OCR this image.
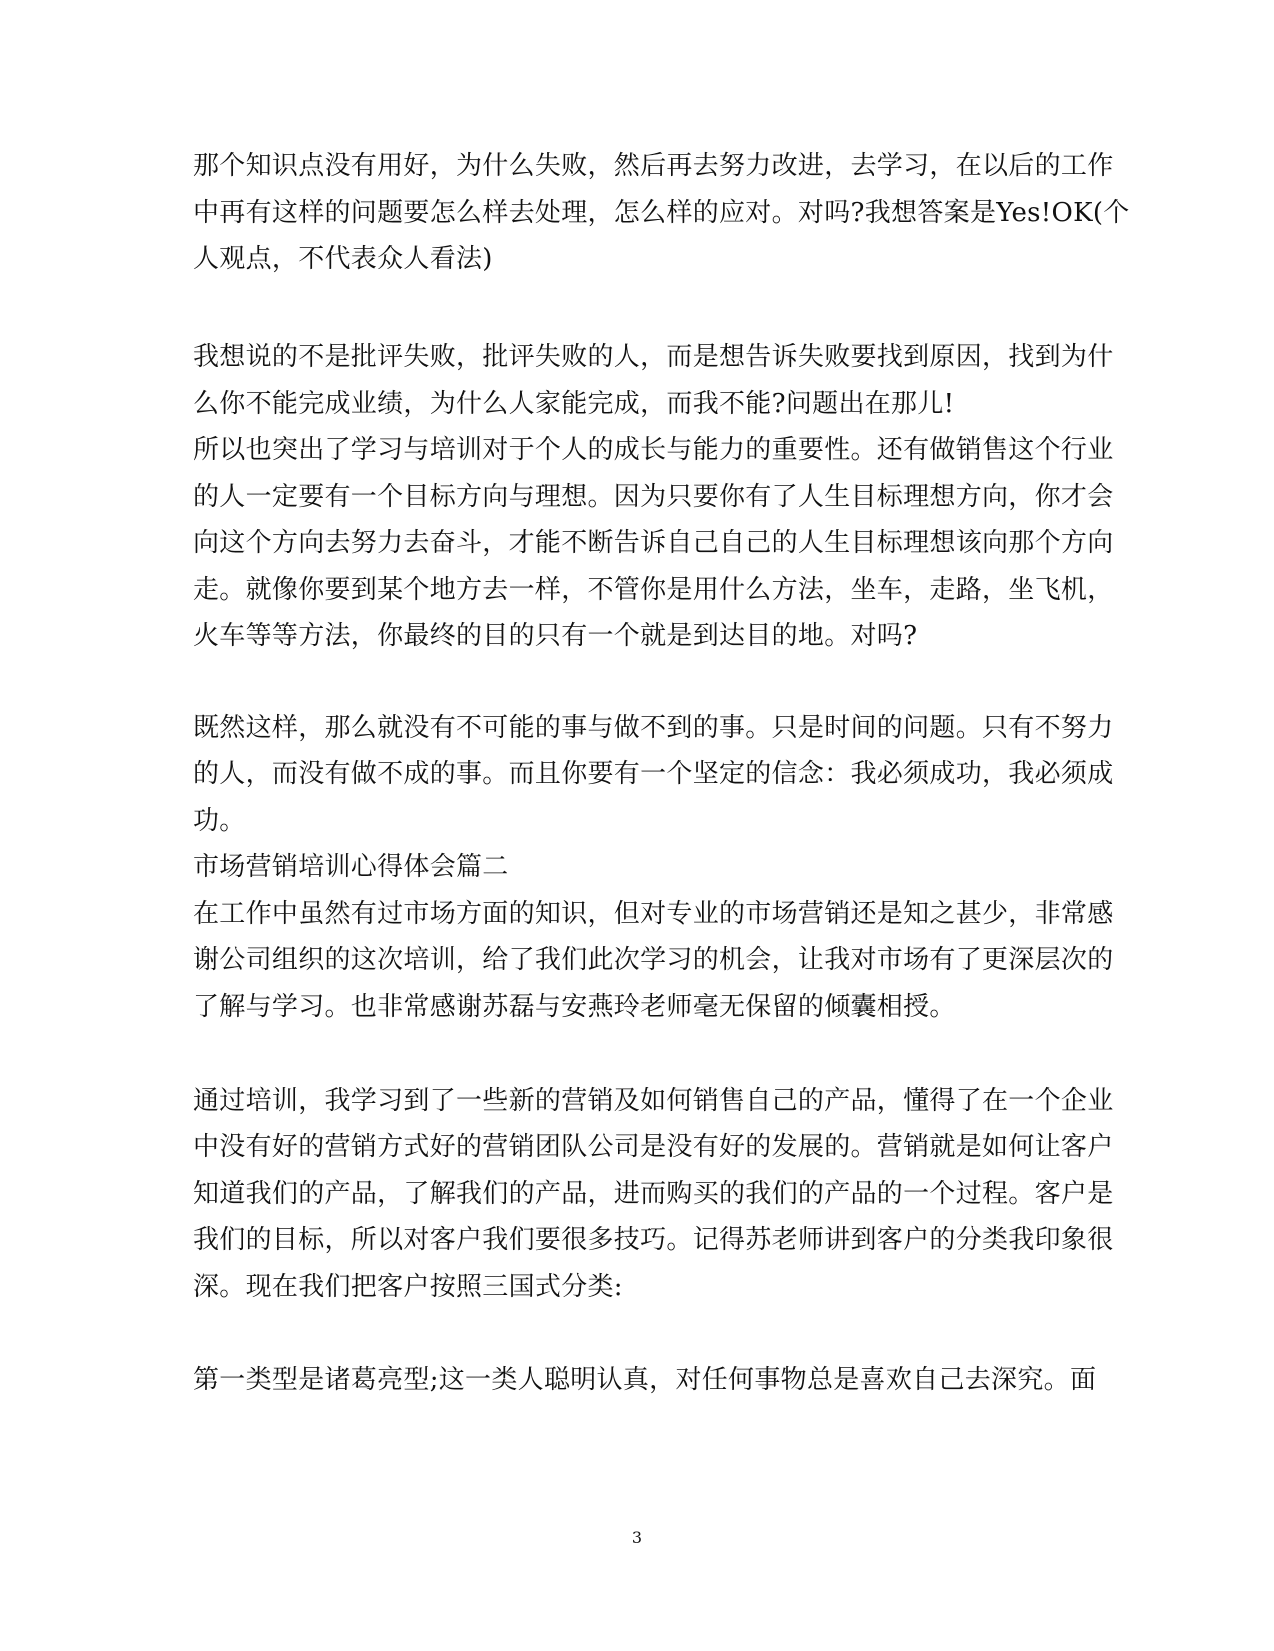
那个知识点没有用好，为什么失败，然后再去努力改进，去学习，在以后的工作
中再有这样的问题要怎么样去处理，怎么样的应对。对吗?我想答案是Yes!OK(个
人观点，不代表众人看法)
我想说的不是批评失败，批评失败的人，而是想告诉失败要找到原因，找到为什
么你不能完成业绩，为什么人家能完成，而我不能?问题出在那儿!
所以也突出了学习与培训对于个人的成长与能力的重要性。还有做销售这个行业
的人一定要有一个目标方向与理想。因为只要你有了人生目标理想方向，你才会
向这个方向去努力去奋斗，才能不断告诉自己自己的人生目标理想该向那个方向
走。就像你要到某个地方去一样，不管你是用什么方法，坐车，走路，坐飞机，
火车等等方法，你最终的目的只有一个就是到达目的地。对吗?
既然这样，那么就没有不可能的事与做不到的事。只是时间的问题。只有不努力
的人，而没有做不成的事。而且你要有一个坚定的信念：我必须成功，我必须成
功。
市场营销培训心得体会篇二
在工作中虽然有过市场方面的知识，但对专业的市场营销还是知之甚少，非常感
谢公司组织的这次培训，给了我们此次学习的机会，让我对市场有了更深层次的
了解与学习。也非常感谢苏磊与安燕玲老师毫无保留的倾囊相授。
通过培训，我学习到了一些新的营销及如何销售自己的产品，懂得了在一个企业
中没有好的营销方式好的营销团队公司是没有好的发展的。营销就是如何让客户
知道我们的产品，了解我们的产品，进而购买的我们的产品的一个过程。客户是
我们的目标，所以对客户我们要很多技巧。记得苏老师讲到客户的分类我印象很
深。现在我们把客户按照三国式分类:
第一类型是诸葛亮型;这一类人聪明认真，对任何事物总是喜欢自己去深究。面
3
